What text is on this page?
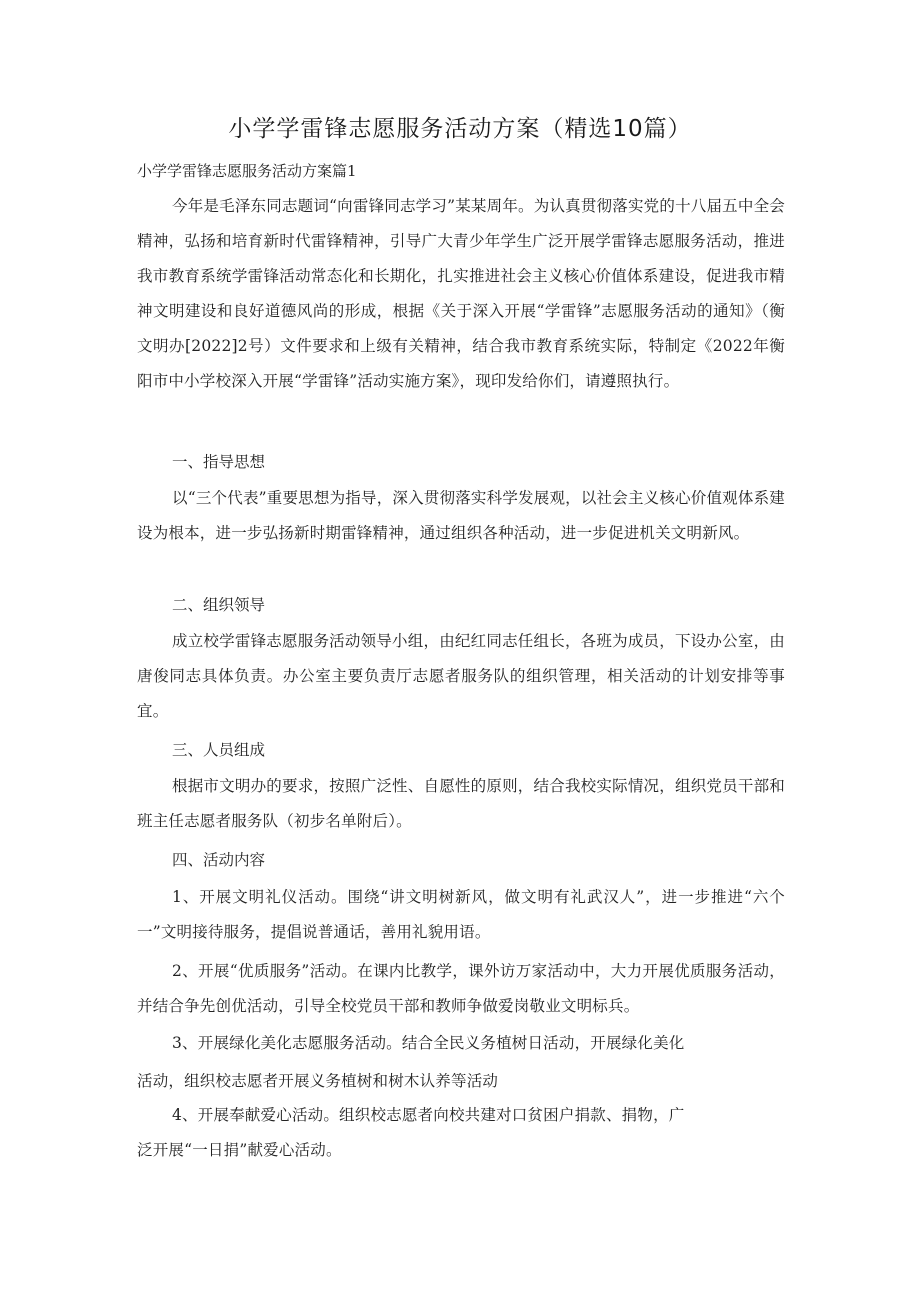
小学学雷锋志愿服务活动方案（精选10篇）

小学学雷锋志愿服务活动方案篇1

今年是毛泽东同志题词“向雷锋同志学习”某某周年。为认真贯彻落实党的十八届五中全会精神，弘扬和培育新时代雷锋精神，引导广大青少年学生广泛开展学雷锋志愿服务活动，推进我市教育系统学雷锋活动常态化和长期化，扎实推进社会主义核心价值体系建设，促进我市精神文明建设和良好道德风尚的形成，根据《关于深入开展“学雷锋”志愿服务活动的通知》（衡文明办[2022]2号）文件要求和上级有关精神，结合我市教育系统实际，特制定《2022年衡阳市中小学校深入开展“学雷锋”活动实施方案》，现印发给你们，请遵照执行。

一、指导思想

以“三个代表”重要思想为指导，深入贯彻落实科学发展观，以社会主义核心价值观体系建设为根本，进一步弘扬新时期雷锋精神，通过组织各种活动，进一步促进机关文明新风。

二、组织领导

成立校学雷锋志愿服务活动领导小组，由纪红同志任组长，各班为成员，下设办公室，由唐俊同志具体负责。办公室主要负责厅志愿者服务队的组织管理，相关活动的计划安排等事宜。

三、人员组成

根据市文明办的要求，按照广泛性、自愿性的原则，结合我校实际情况，组织党员干部和班主任志愿者服务队（初步名单附后）。

四、活动内容

1、开展文明礼仪活动。围绕“讲文明树新风，做文明有礼武汉人”，进一步推进“六个一”文明接待服务，提倡说普通话，善用礼貌用语。

2、开展“优质服务”活动。在课内比教学，课外访万家活动中，大力开展优质服务活动，并结合争先创优活动，引导全校党员干部和教师争做爱岗敬业文明标兵。

3、开展绿化美化志愿服务活动。结合全民义务植树日活动，开展绿化美化

活动，组织校志愿者开展义务植树和树木认养等活动

4、开展奉献爱心活动。组织校志愿者向校共建对口贫困户捐款、捐物，广

泛开展“一日捐”献爱心活动。
